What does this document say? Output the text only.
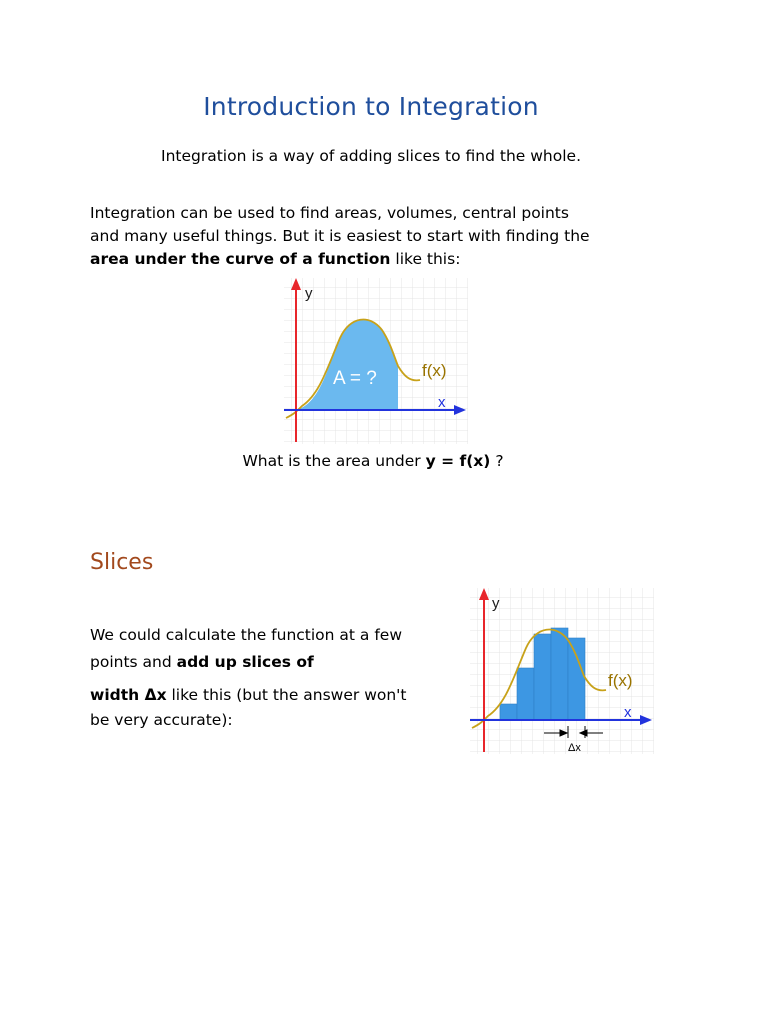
Introduction to Integration
Integration is a way of adding slices to find the whole.
Integration can be used to find areas, volumes, central points
and many useful things. But it is easiest to start with finding the
area under the curve of a function like this:
y
x
A = ?	f(x)
What is the area under y = f(x) ?
Slices
We could calculate the function at a few
points and add up slices of
width Δx like this (but the answer won't
be very accurate):
y
x
f(x)
Δx
